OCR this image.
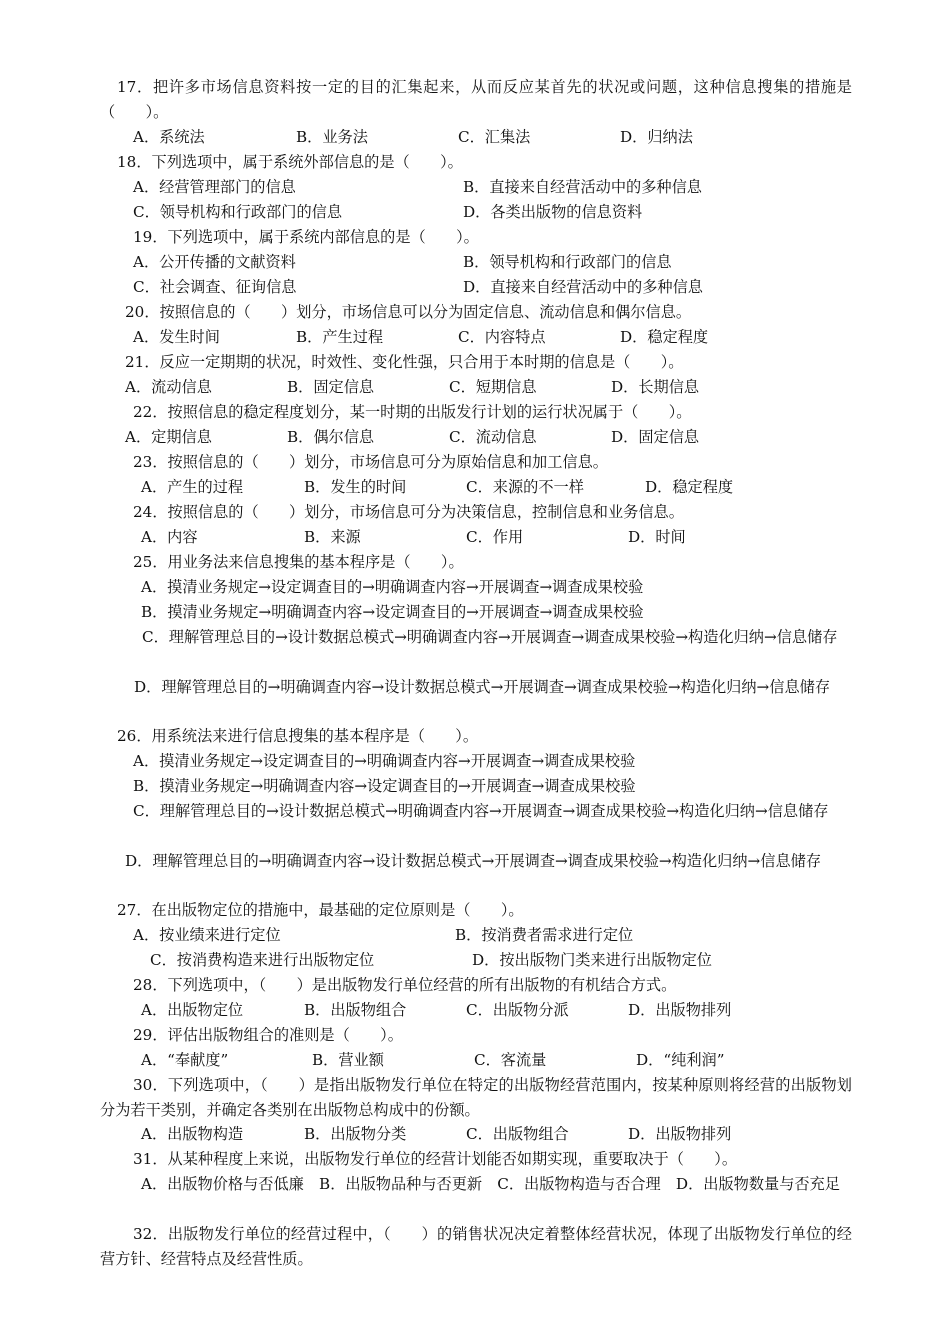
17．把许多市场信息资料按一定的目的汇集起来，从而反应某首先的状况或问题，这种信息搜集的措施是（　　）。
A．系统法	B．业务法	C．汇集法	D．归纳法
18．下列选项中，属于系统外部信息的是（　　）。
A．经营管理部门的信息	B．直接来自经营活动中的多种信息
C．领导机构和行政部门的信息	D．各类出版物的信息资料
19．下列选项中，属于系统内部信息的是（　　）。
A．公开传播的文献资料	B．领导机构和行政部门的信息
C．社会调查、征询信息	D．直接来自经营活动中的多种信息
20．按照信息的（　　）划分，市场信息可以分为固定信息、流动信息和偶尔信息。
A．发生时间	B．产生过程	C．内容特点	D．稳定程度
21．反应一定期期的状况，时效性、变化性强，只合用于本时期的信息是（　　）。
A．流动信息	B．固定信息	C．短期信息	D．长期信息
22．按照信息的稳定程度划分，某一时期的出版发行计划的运行状况属于（　　）。
A．定期信息	B．偶尔信息	C．流动信息	D．固定信息
23．按照信息的（　　）划分，市场信息可分为原始信息和加工信息。
A．产生的过程	B．发生的时间	C．来源的不一样	D．稳定程度
24．按照信息的（　　）划分，市场信息可分为决策信息，控制信息和业务信息。
A．内容	B．来源	C．作用	D．时间
25．用业务法来信息搜集的基本程序是（　　）。
A．摸清业务规定→设定调查目的→明确调查内容→开展调查→调查成果校验
B．摸清业务规定→明确调查内容→设定调查目的→开展调查→调查成果校验
C．理解管理总目的→设计数据总模式→明确调查内容→开展调查→调查成果校验→构造化归纳→信息储存
D．理解管理总目的→明确调查内容→设计数据总模式→开展调查→调查成果校验→构造化归纳→信息储存
26．用系统法来进行信息搜集的基本程序是（　　）。
A．摸清业务规定→设定调查目的→明确调查内容→开展调查→调查成果校验
B．摸清业务规定→明确调查内容→设定调查目的→开展调查→调查成果校验
C．理解管理总目的→设计数据总模式→明确调查内容→开展调查→调查成果校验→构造化归纳→信息储存
D．理解管理总目的→明确调查内容→设计数据总模式→开展调查→调查成果校验→构造化归纳→信息储存
27．在出版物定位的措施中，最基础的定位原则是（　　）。
A．按业绩来进行定位	B．按消费者需求进行定位
C．按消费构造来进行出版物定位	D．按出版物门类来进行出版物定位
28．下列选项中，（　　）是出版物发行单位经营的所有出版物的有机结合方式。
A．出版物定位	B．出版物组合	C．出版物分派	D．出版物排列
29．评估出版物组合的准则是（　　）。
A．“奉献度”	B．营业额	C．客流量	D．“纯利润”
30．下列选项中，（　　）是指出版物发行单位在特定的出版物经营范围内，按某种原则将经营的出版物划分为若干类别，并确定各类别在出版物总构成中的份额。
A．出版物构造	B．出版物分类	C．出版物组合	D．出版物排列
31．从某种程度上来说，出版物发行单位的经营计划能否如期实现，重要取决于（　　）。
A．出版物价格与否低廉　B．出版物品种与否更新　C．出版物构造与否合理　D．出版物数量与否充足
32．出版物发行单位的经营过程中，（　　）的销售状况决定着整体经营状况，体现了出版物发行单位的经营方针、经营特点及经营性质。
